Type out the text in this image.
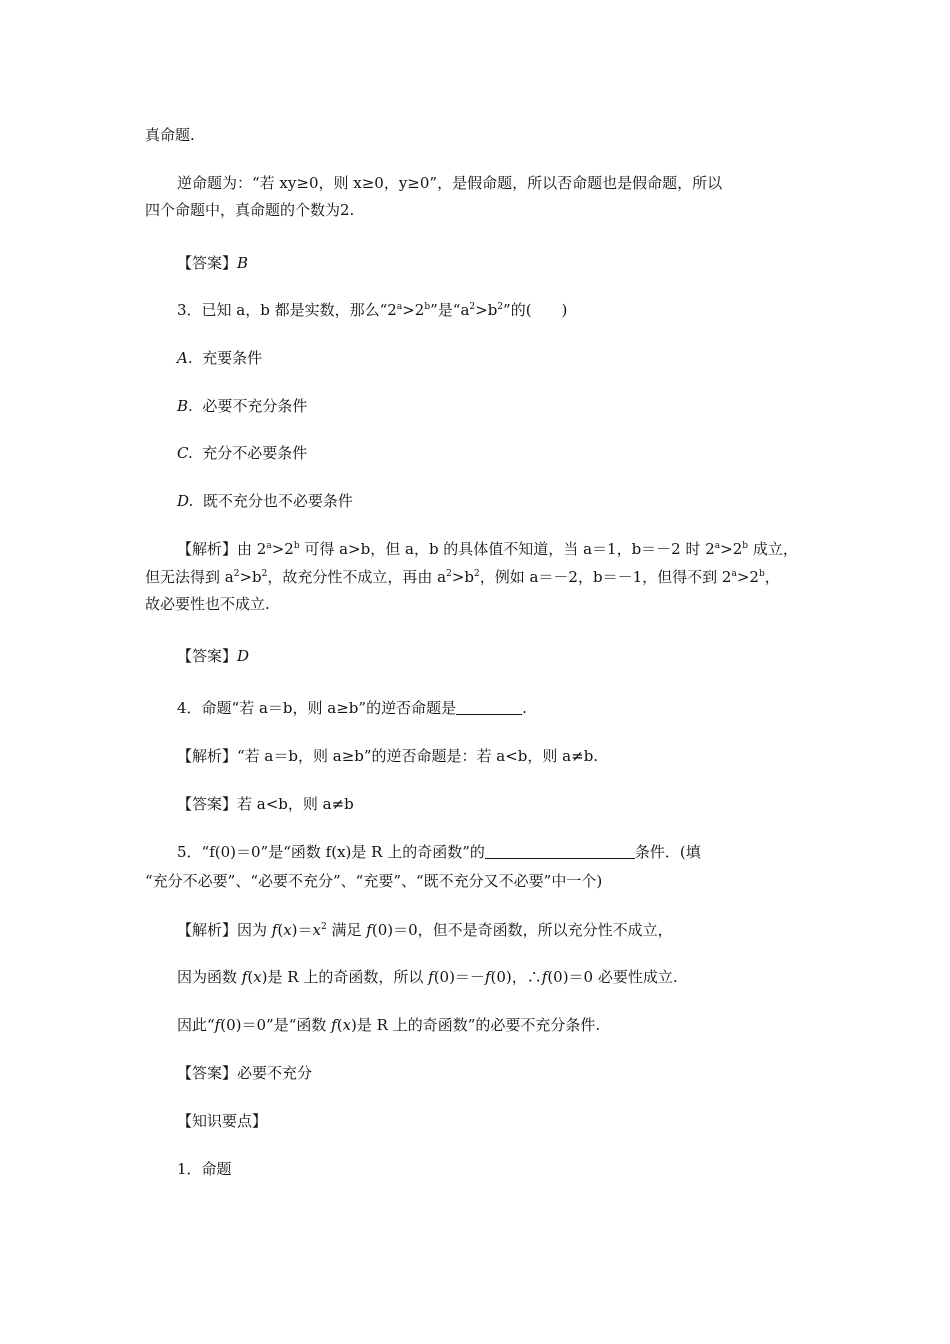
真命题.
逆命题为：“若 xy≥0，则 x≥0，y≥0”，是假命题，所以否命题也是假命题，所以
四个命题中，真命题的个数为2.
【答案】B
3．已知 a，b 都是实数，那么“$2^a>2^b$”是“$a^2>b^2$”的(　　)
A. 充要条件
B. 必要不充分条件
C. 充分不必要条件
D. 既不充分也不必要条件
【解析】由 $2^a>2^b$ 可得 a>b，但 a，b 的具体值不知道，当 a＝1，b＝－2 时 $2^a>2^b$ 成立，
但无法得到 $a^2>b^2$，故充分性不成立，再由 $a^2>b^2$，例如 a＝－2，b＝－1，但得不到 $2^a>2^b$，
故必要性也不成立.
【答案】D
4．命题“若 a＝b，则 a≥b”的逆否命题是	.
【解析】“若 a＝b，则 a≥b”的逆否命题是：若 a<b，则 a≠b.
【答案】若 a<b，则 a≠b
5．“f(0)＝0”是“函数 f(x)是 R 上的奇函数”的	条件．(填
“充分不必要”、“必要不充分”、“充要”、“既不充分又不必要”中一个)
【解析】因为 $f(x)=x^2$ 满足 f(0)＝0，但不是奇函数，所以充分性不成立，
因为函数 f(x)是 R 上的奇函数，所以 f(0)＝－f(0)，∴f(0)＝0 必要性成立.
因此“f(0)＝0”是“函数 f(x)是 R 上的奇函数”的必要不充分条件.
【答案】必要不充分
【知识要点】
1．命题
